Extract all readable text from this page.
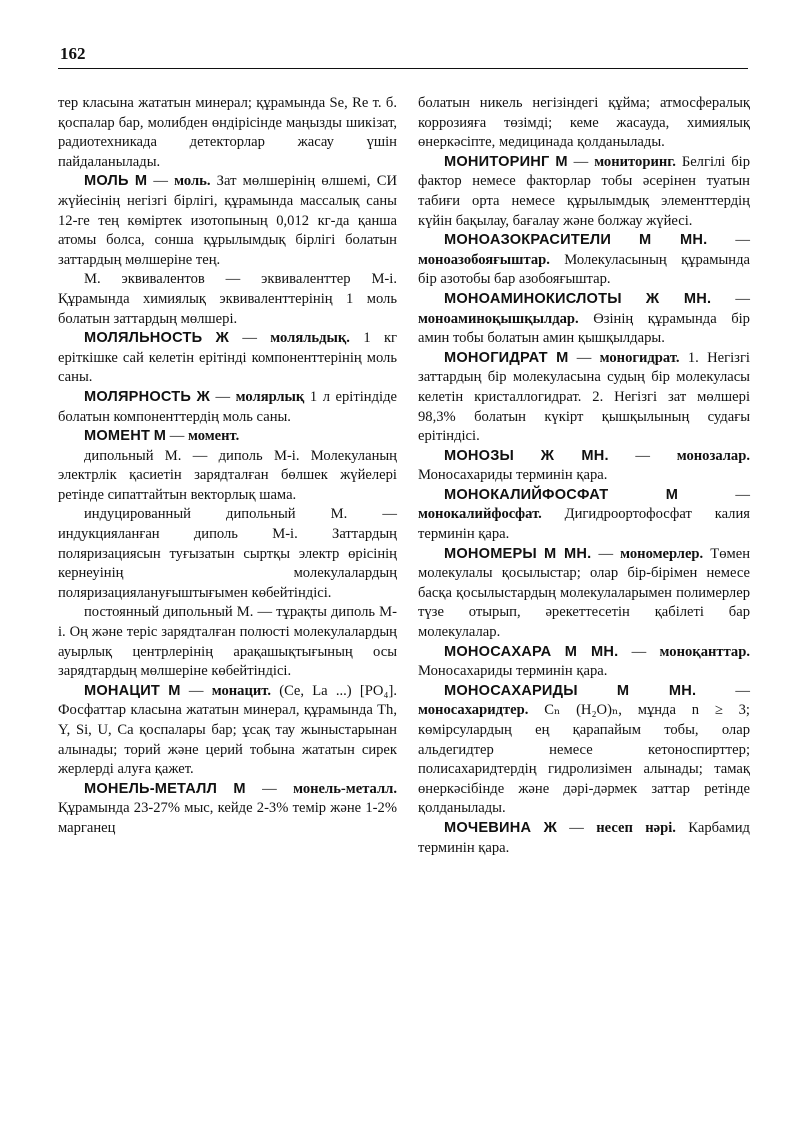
162

тер класына жататын минерал; құрамында Se, Re т. б. қоспалар бар, молибден өндірісінде маңызды шикізат, радиотехникада детекторлар жасау үшін пайдаланылады.

МОЛЬ М — моль. Зат мөлшерінің өлшемі, СИ жүйесінің негізгі бірлігі, құрамында массалық саны 12-ге тең көміртек изотопының 0,012 кг-да қанша атомы болса, сонша құрылымдық бірлігі болатын заттардың мөлшеріне тең.

М. эквивалентов — эквиваленттер М-і. Құрамында химиялық эквиваленттерінің 1 моль болатын заттардың мөлшері.

МОЛЯЛЬНОСТЬ Ж — моляльдық. 1 кг еріткішке сай келетін ерітінді компоненттерінің моль саны.

МОЛЯРНОСТЬ Ж — молярлық 1 л ерітіндіде болатын компоненттердің моль саны.

МОМЕНТ М — момент.

дипольный М. — диполь М-і. Молекуланың электрлік қасиетін зарядталған бөлшек жүйелері ретінде сипаттайтын векторлық шама.

индуцированный дипольный М. — индукцияланған диполь М-і. Заттардың поляризациясын туғызатын сыртқы электр өрісінің кернеуінің молекулалардың поляризациялануғыштығымен көбейтіндісі.

постоянный дипольный М. — тұрақты диполь М-і. Оң және теріс зарядталған полюсті молекулалардың ауырлық центрлерінің арақашықтығының осы зарядтардың мөлшеріне көбейтіндісі.

МОНАЦИТ М — монацит. (Ce, La ...) [PO₄]. Фосфаттар класына жататын минерал, құрамында Th, Y, Si, U, Ca қоспалары бар; ұсақ тау жыныстарынан алынады; торий және церий тобына жататын сирек жерлерді алуға қажет.

МОНЕЛЬ-МЕТАЛЛ М — монель-металл. Құрамында 23-27% мыс, кейде 2-3% темір және 1-2% марганец

болатын никель негізіндегі құйма; атмосфералық коррозияға төзімді; кеме жасауда, химиялық өнеркәсіпте, медицинада қолданылады.

МОНИТОРИНГ М — мониторинг. Белгілі бір фактор немесе факторлар тобы әсерінен туатын табиғи орта немесе құрылымдық элементтердің күйін бақылау, бағалау және болжау жүйесі.

МОНОАЗОКРАСИТЕЛИ М МН. — моноазобояғыштар. Молекуласының құрамында бір азотобы бар азобояғыштар.

МОНОАМИНОКИСЛОТЫ Ж МН. — моноаминоқышқылдар. Өзінің құрамында бір амин тобы болатын амин қышқылдары.

МОНОГИДРАТ М — моногидрат. 1. Негізгі заттардың бір молекуласына судың бір молекуласы келетін кристаллогидрат. 2. Негізгі зат мөлшері 98,3% болатын күкірт қышқылының судағы ерітіндісі.

МОНОЗЫ Ж МН. — монозалар. Моносахариды терминін қара.

МОНОКАЛИЙФОСФАТ	М — монокалийфосфат. Дигидроортофосфат калия терминін қара.

МОНОМЕРЫ М МН. — мономерлер. Төмен молекулалы қосылыстар; олар бір-бірімен немесе басқа қосылыстардың молекулаларымен полимерлер түзе отырып, әрекеттесетін қабілеті бар молекулалар.

МОНОСАХАРА М МН. — моноқанттар. Моносахариды терминін қара.

МОНОСАХАРИДЫ	М МН. — моносахаридтер. Cₙ (H₂O)ₙ, мұнда n ≥ 3; көмірсулардың ең қарапайым тобы, олар альдегидтер немесе кетоноспирттер; полисахаридтердің гидролизімен алынады; тамақ өнеркәсібінде және дәрі-дәрмек заттар ретінде қолданылады.

МОЧЕВИНА Ж — несеп нәрі. Карбамид терминін қара.
